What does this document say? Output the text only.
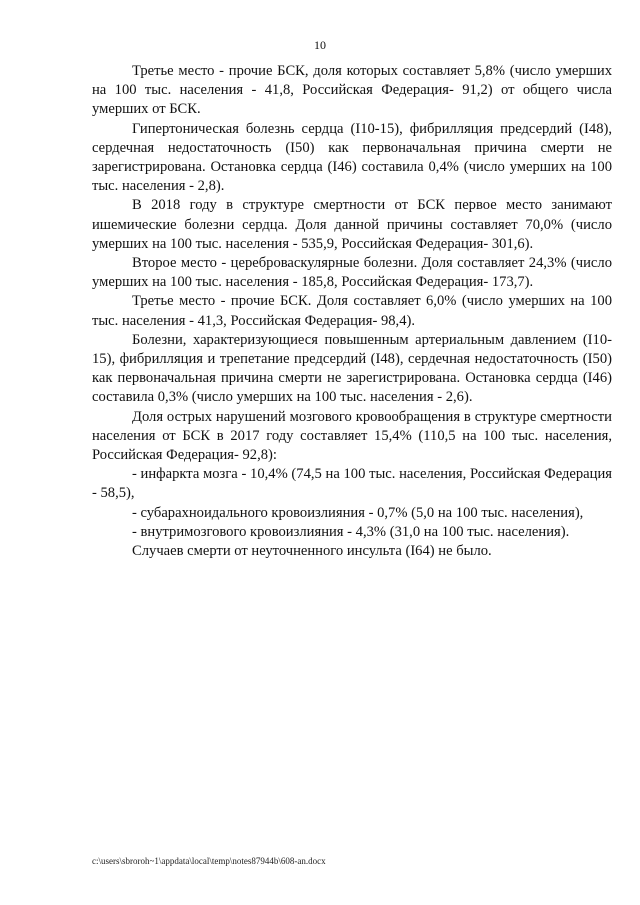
10

Третье место - прочие БСК, доля которых составляет 5,8% (число умерших на 100 тыс. населения - 41,8, Российская Федерация- 91,2) от общего числа умерших от БСК.

Гипертоническая болезнь сердца (I10-15), фибрилляция предсердий (I48), сердечная недостаточность (I50) как первоначальная причина смерти не зарегистрирована. Остановка сердца (I46) составила 0,4% (число умерших на 100 тыс. населения - 2,8).

В 2018 году в структуре смертности от БСК первое место занимают ишемические болезни сердца. Доля данной причины составляет 70,0% (число умерших на 100 тыс. населения - 535,9, Российская Федерация- 301,6).

Второе место - цереброваскулярные болезни. Доля составляет 24,3% (число умерших на 100 тыс. населения - 185,8, Российская Федерация- 173,7).

Третье место - прочие БСК. Доля составляет 6,0% (число умерших на 100 тыс. населения - 41,3, Российская Федерация- 98,4).

Болезни, характеризующиеся повышенным артериальным давлением (I10-15), фибрилляция и трепетание предсердий (I48), сердечная недостаточность (I50) как первоначальная причина смерти не зарегистрирована. Остановка сердца (I46) составила 0,3% (число умерших на 100 тыс. населения - 2,6).

Доля острых нарушений мозгового кровообращения в структуре смертности населения от БСК в 2017 году составляет 15,4% (110,5 на 100 тыс. населения, Российская Федерация- 92,8):

- инфаркта мозга - 10,4% (74,5 на 100 тыс. населения, Российская Федерация - 58,5),

- субарахноидального кровоизлияния - 0,7% (5,0 на 100 тыс. населения),

- внутримозгового кровоизлияния - 4,3% (31,0 на 100 тыс. населения).

Случаев смерти от неуточненного инсульта (I64) не было.

c:\users\sbroroh~1\appdata\local\temp\notes87944b\608-an.docx
